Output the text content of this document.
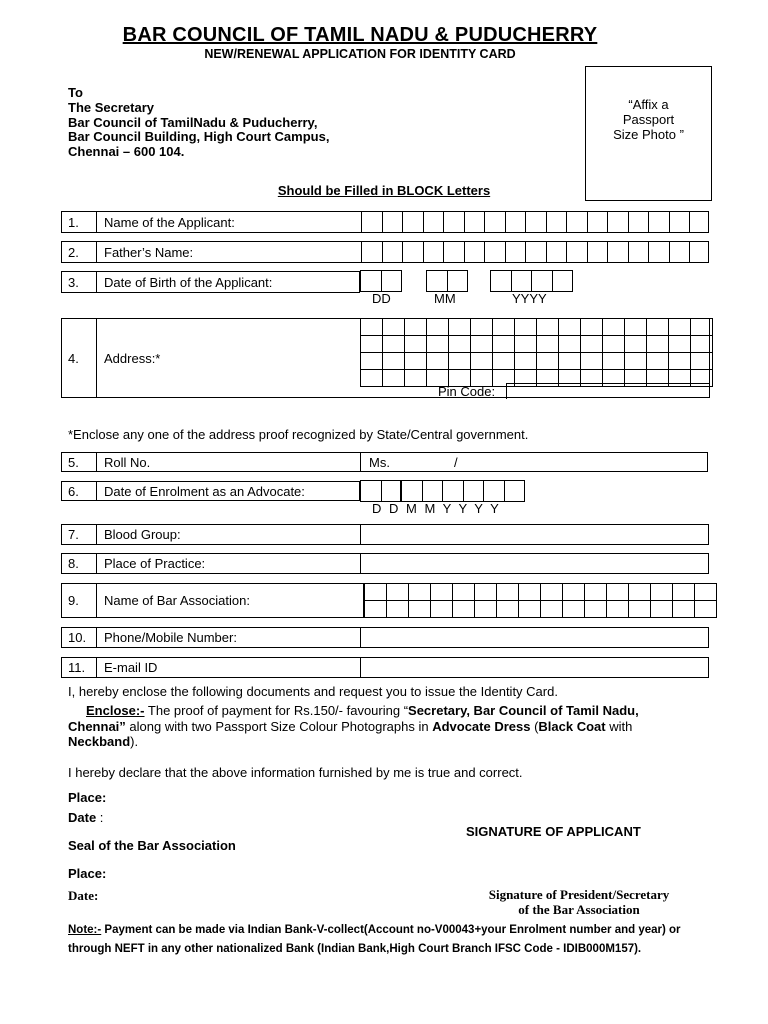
BAR COUNCIL OF TAMIL NADU & PUDUCHERRY
NEW/RENEWAL APPLICATION FOR IDENTITY CARD
To
The Secretary
Bar Council of TamilNadu & Puducherry,
Bar Council Building, High Court Campus,
Chennai – 600 104.
“Affix a
Passport
Size Photo ”
Should be Filled in BLOCK Letters
1.	Name of the Applicant:
2.	Father’s Name:
3.	Date of Birth of the Applicant:
DD	MM	YYYY
4.	Address:*

Pin Code:
*Enclose any one of the address proof recognized by State/Central government.
5.	Roll No.	Ms.	/
6.	Date of Enrolment as an Advocate:
D D M M Y Y Y Y
7.	Blood Group:
8.	Place of Practice:
9.	Name of Bar Association:

10.	Phone/Mobile Number:
11.	E-mail ID
I, hereby enclose the following documents and request you to issue the Identity Card.
Enclose:- The proof of payment for Rs.150/- favouring “Secretary, Bar Council of Tamil Nadu, Chennai” along with two Passport Size Colour Photographs in Advocate Dress (Black Coat with Neckband).
I hereby declare that the above information furnished by me is true and correct.
Place:
Date :
SIGNATURE OF APPLICANT
Seal of the Bar Association
Place:
Date:	Signature of President/Secretary
of the Bar Association
Note:- Payment can be made via Indian Bank-V-collect(Account no-V00043+your Enrolment number and year) or through NEFT in any other nationalized Bank (Indian Bank,High Court Branch IFSC Code - IDIB000M157).
